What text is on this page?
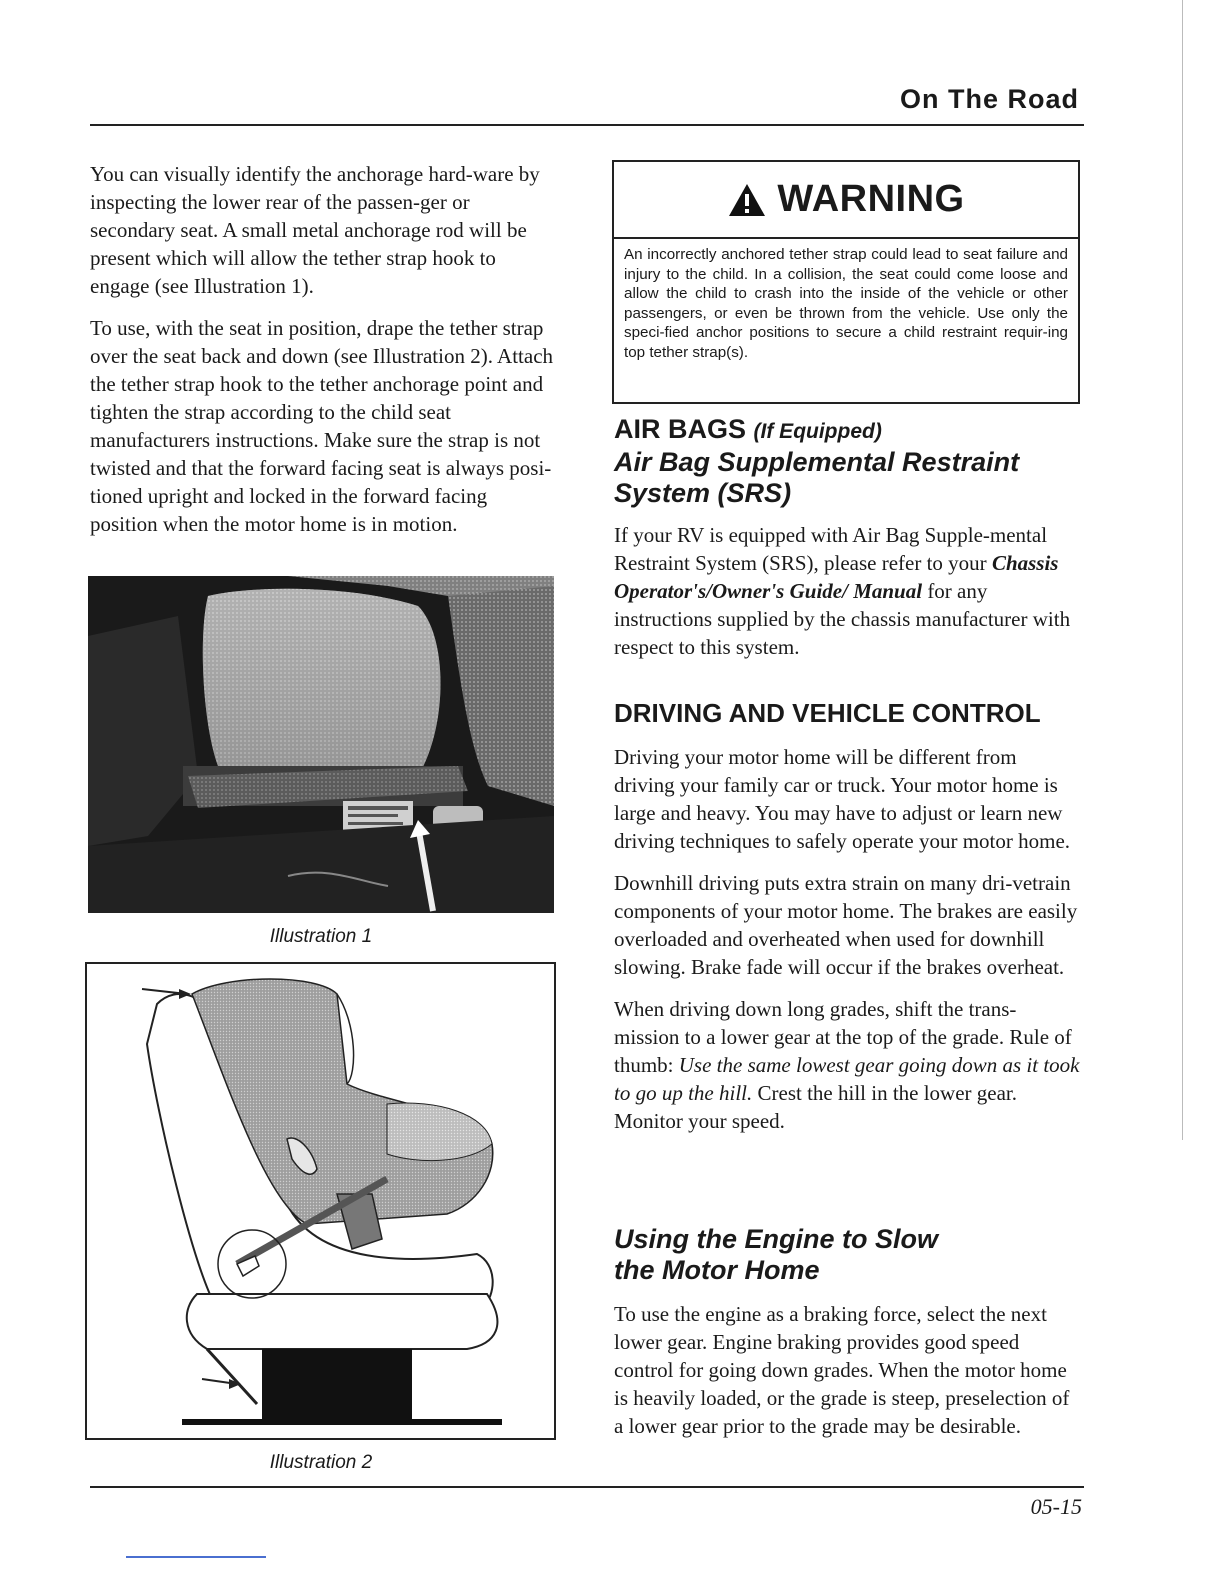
On The Road

You can visually identify the anchorage hard-ware by inspecting the lower rear of the passen-ger or secondary seat. A small metal anchorage rod will be present which will allow the tether strap hook to engage (see Illustration 1).

To use, with the seat in position, drape the tether strap over the seat back and down (see Illustration 2). Attach the tether strap hook to the tether anchorage point and tighten the strap according to the child seat manufacturers instructions. Make sure the strap is not twisted and that the forward facing seat is always posi-tioned upright and locked in the forward facing position when the motor home is in motion.

Illustration 1
Illustration 2
WARNING
An incorrectly anchored tether strap could lead to seat failure and injury to the child. In a collision, the seat could come loose and allow the child to crash into the inside of the vehicle or other passengers, or even be thrown from the vehicle. Use only the speci-fied anchor positions to secure a child restraint requir-ing top tether strap(s).

AIR BAGS (If Equipped)

Air Bag Supplemental Restraint

System (SRS)

If your RV is equipped with Air Bag Supple-mental Restraint System (SRS), please refer to your Chassis Operator's/Owner's Guide/ Manual for any instructions supplied by the chassis manufacturer with respect to this system.

DRIVING AND VEHICLE CONTROL

Driving your motor home will be different from driving your family car or truck. Your motor home is large and heavy. You may have to adjust or learn new driving techniques to safely operate your motor home.

Downhill driving puts extra strain on many dri-vetrain components of your motor home. The brakes are easily overloaded and overheated when used for downhill slowing. Brake fade will occur if the brakes overheat.

When driving down long grades, shift the trans-mission to a lower gear at the top of the grade. Rule of thumb: Use the same lowest gear going down as it took to go up the hill. Crest the hill in the lower gear. Monitor your speed.

Using the Engine to Slow

the Motor Home

To use the engine as a braking force, select the next lower gear. Engine braking provides good speed control for going down grades. When the motor home is heavily loaded, or the grade is steep, preselection of a lower gear prior to the grade may be desirable.

05-15
